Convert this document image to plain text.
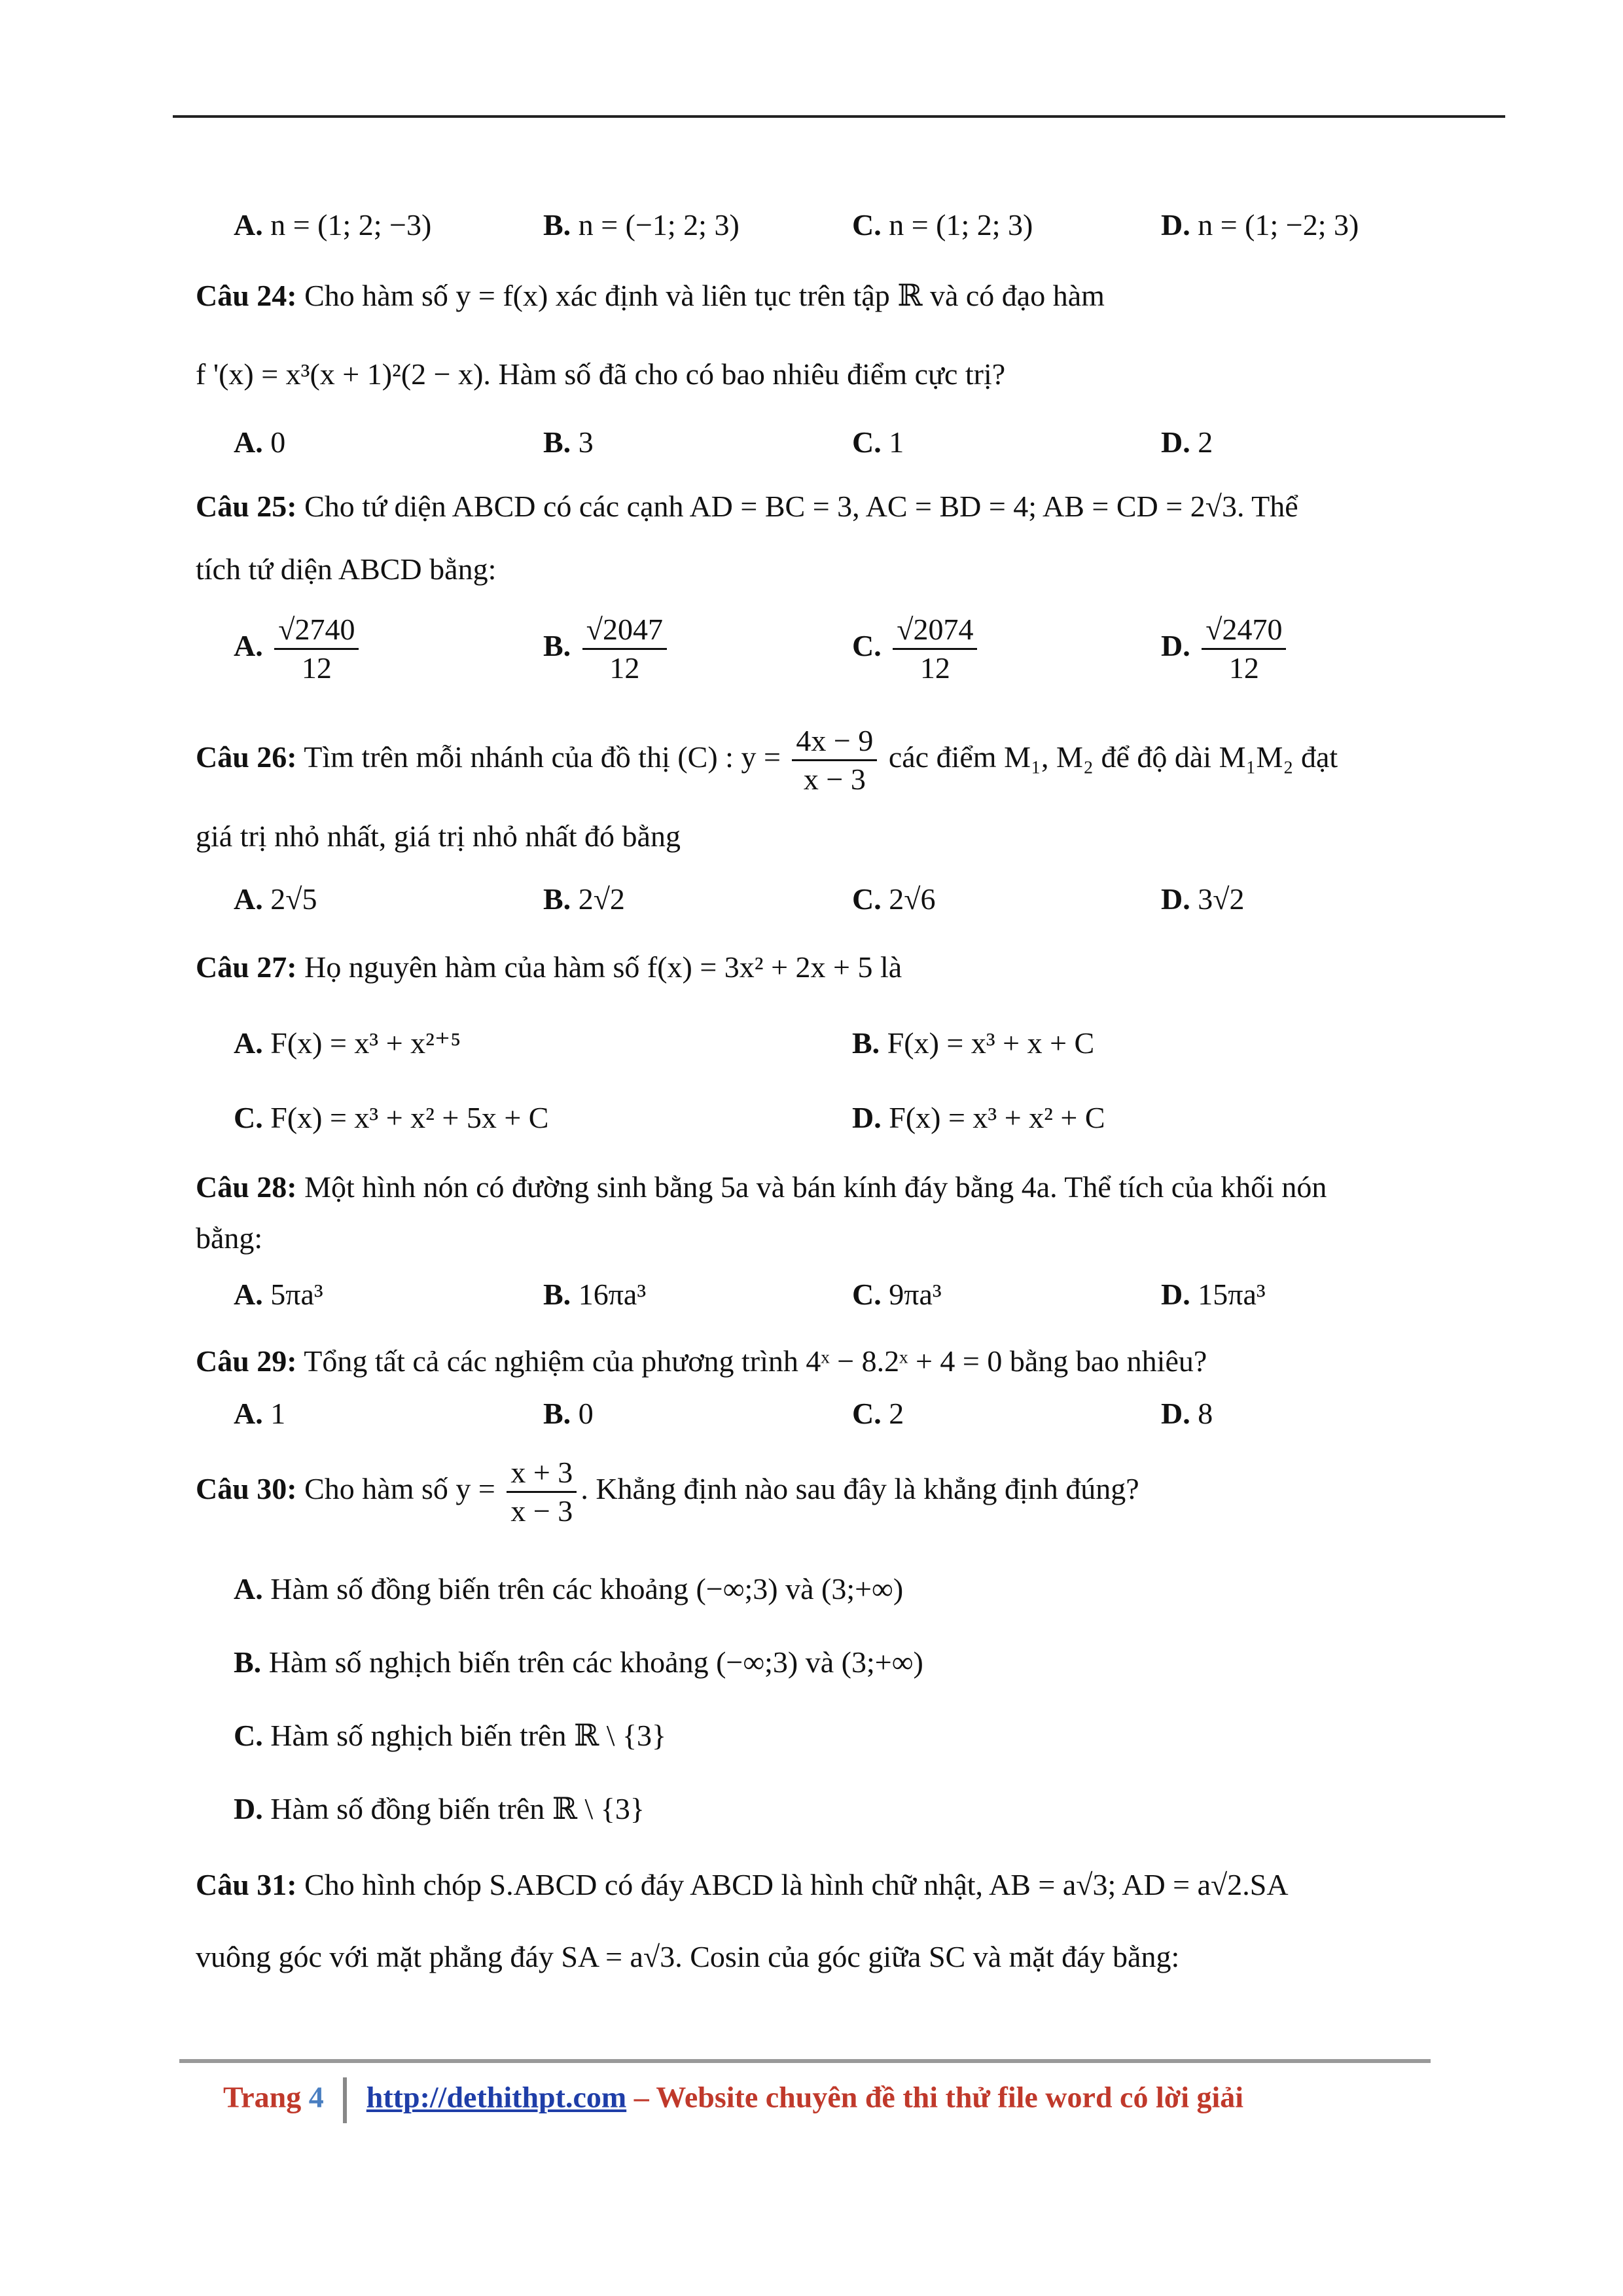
A. n = (1; 2; −3)	B. n = (−1; 2; 3)	C. n = (1; 2; 3)	D. n = (1; −2; 3)
Câu 24: Cho hàm số y = f(x) xác định và liên tục trên tập ℝ và có đạo hàm
f '(x) = x³(x + 1)²(2 − x). Hàm số đã cho có bao nhiêu điểm cực trị?
A. 0	B. 3	C. 1	D. 2
Câu 25: Cho tứ diện ABCD có các cạnh AD = BC = 3, AC = BD = 4; AB = CD = 2√3. Thể
tích tứ diện ABCD bằng:
A. $\frac{√2740}{12}$	B. $\frac{√2047}{12}$	C. $\frac{√2074}{12}$	D. $\frac{√2470}{12}$
Câu 26: Tìm trên mỗi nhánh của đồ thị (C) : $y = \frac{4x - 9}{x - 3}$ các điểm M₁, M₂ để độ dài M₁M₂ đạt
giá trị nhỏ nhất, giá trị nhỏ nhất đó bằng
A. 2√5	B. 2√2	C. 2√6	D. 3√2
Câu 27: Họ nguyên hàm của hàm số f(x) = 3x² + 2x + 5 là
A. F(x) = x³ + x²⁺⁵	B. F(x) = x³ + x + C
C. F(x) = x³ + x² + 5x + C	D. F(x) = x³ + x² + C
Câu 28: Một hình nón có đường sinh bằng 5a và bán kính đáy bằng 4a. Thể tích của khối nón
bằng:
A. 5πa³	B. 16πa³	C. 9πa³	D. 15πa³
Câu 29: Tổng tất cả các nghiệm của phương trình 4ˣ − 8.2ˣ + 4 = 0 bằng bao nhiêu?
A. 1	B. 0	C. 2	D. 8
Câu 30: Cho hàm số $y = \frac{x + 3}{x - 3}$ . Khẳng định nào sau đây là khẳng định đúng?
A. Hàm số đồng biến trên các khoảng (−∞;3) và (3;+∞)
B. Hàm số nghịch biến trên các khoảng (−∞;3) và (3;+∞)
C. Hàm số nghịch biến trên ℝ \ {3}
D. Hàm số đồng biến trên ℝ \ {3}
Câu 31: Cho hình chóp S.ABCD có đáy ABCD là hình chữ nhật, AB = a√3; AD = a√2.SA
vuông góc với mặt phẳng đáy SA = a√3. Cosin của góc giữa SC và mặt đáy bằng:
Trang 4 http://dethithpt.com – Website chuyên đề thi thử file word có lời giải
